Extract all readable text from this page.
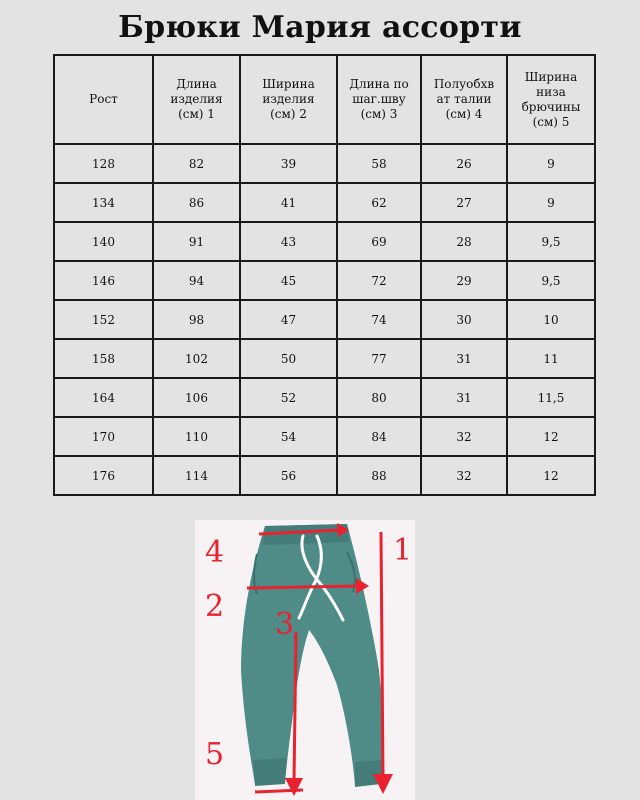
Брюки Мария ассорти
Рост	Длина
изделия
(см) 1	Ширина
изделия
(см) 2	Длина по
шаг.шву
(см) 3	Полуобхв
ат талии
(см) 4	Ширина
низа
брючины
(см) 5
128	82	39	58	26	9
134	86	41	62	27	9
140	91	43	69	28	9,5
146	94	45	72	29	9,5
152	98	47	74	30	10
158	102	50	77	31	11
164	106	52	80	31	11,5
170	110	54	84	32	12
176	114	56	88	32	12
4
2
3
1
5
